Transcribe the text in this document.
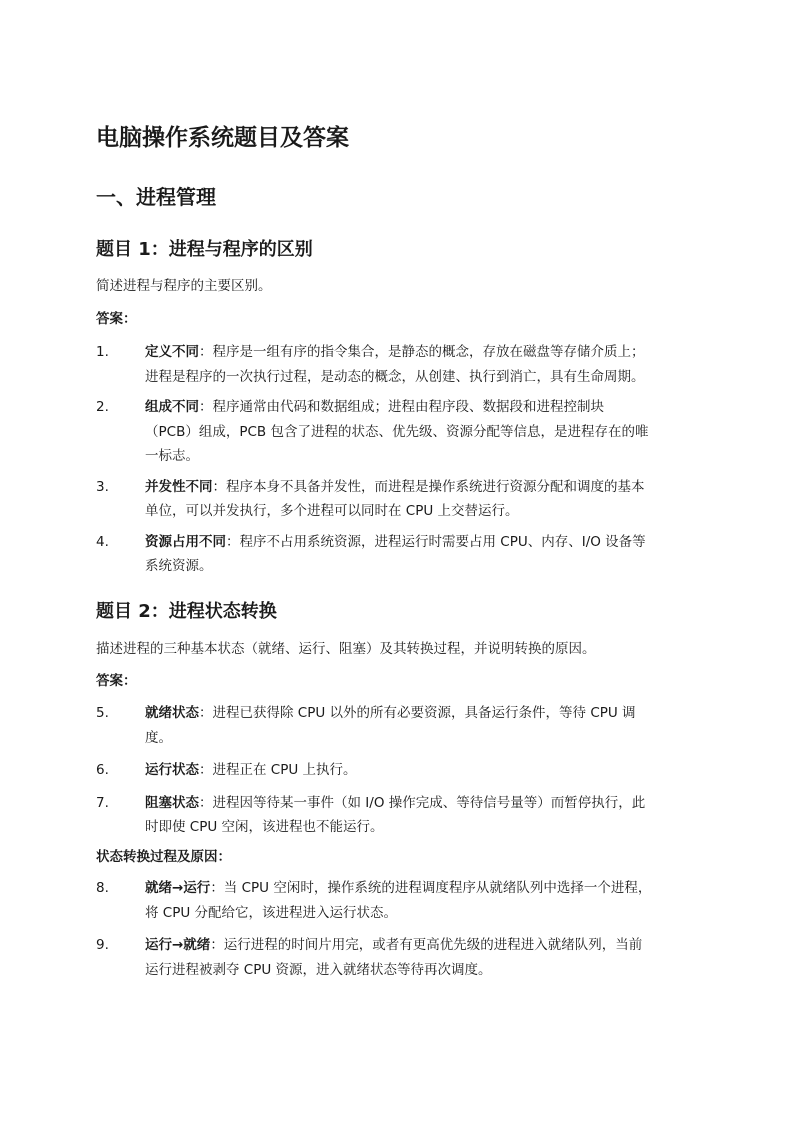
电脑操作系统题目及答案
一、进程管理
题目 1：进程与程序的区别

简述进程与程序的主要区别。

答案：

1.	定义不同：程序是一组有序的指令集合，是静态的概念，存放在磁盘等存储介质上；
进程是程序的一次执行过程，是动态的概念，从创建、执行到消亡，具有生命周期。
2.	组成不同：程序通常由代码和数据组成；进程由程序段、数据段和进程控制块
（PCB）组成，PCB 包含了进程的状态、优先级、资源分配等信息，是进程存在的唯
一标志。
3.	并发性不同：程序本身不具备并发性，而进程是操作系统进行资源分配和调度的基本
单位，可以并发执行，多个进程可以同时在 CPU 上交替运行。
4.	资源占用不同：程序不占用系统资源，进程运行时需要占用 CPU、内存、I/O 设备等
系统资源。
题目 2：进程状态转换

描述进程的三种基本状态（就绪、运行、阻塞）及其转换过程，并说明转换的原因。

答案：

5.	就绪状态：进程已获得除 CPU 以外的所有必要资源，具备运行条件，等待 CPU 调
度。
6.	运行状态：进程正在 CPU 上执行。
7.	阻塞状态：进程因等待某一事件（如 I/O 操作完成、等待信号量等）而暂停执行，此
时即使 CPU 空闲，该进程也不能运行。

状态转换过程及原因：

8.	就绪→运行：当 CPU 空闲时，操作系统的进程调度程序从就绪队列中选择一个进程，
将 CPU 分配给它，该进程进入运行状态。
9.	运行→就绪：运行进程的时间片用完，或者有更高优先级的进程进入就绪队列，当前
运行进程被剥夺 CPU 资源，进入就绪状态等待再次调度。
